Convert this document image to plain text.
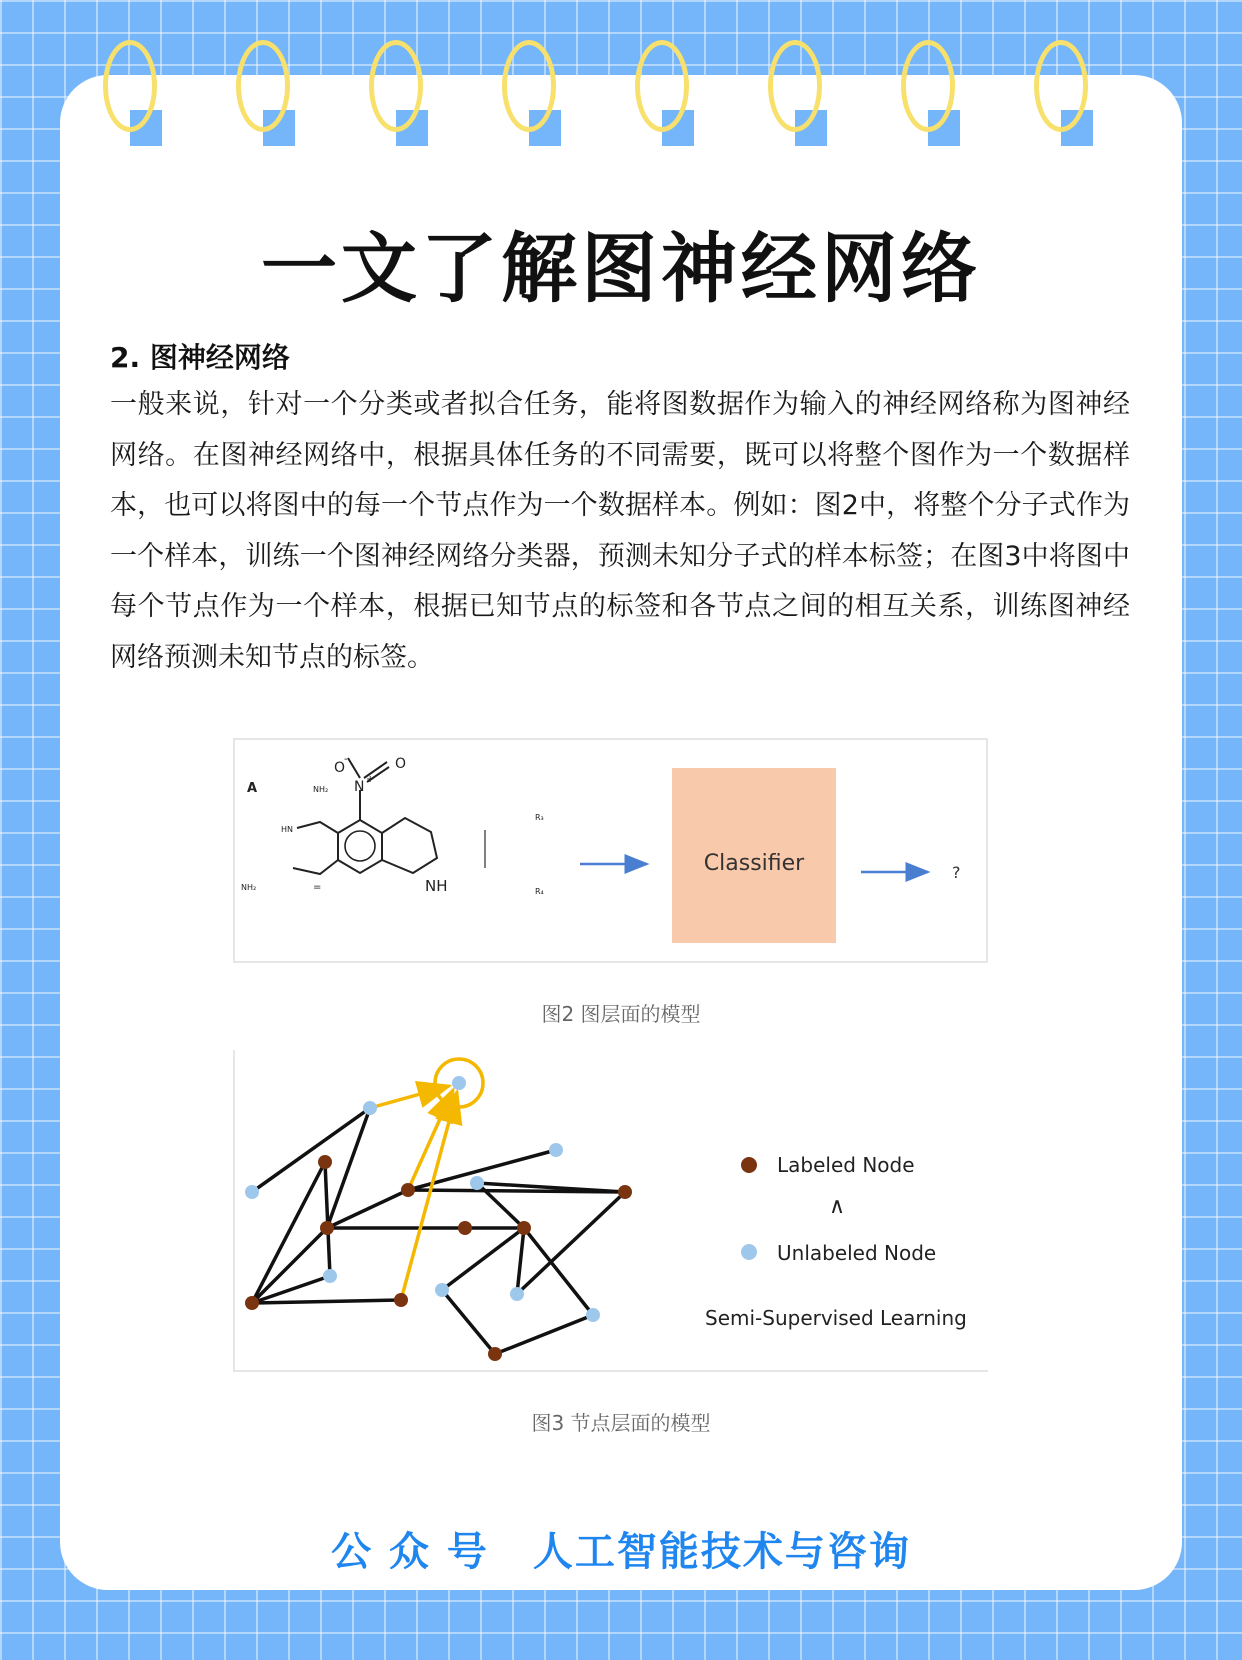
一文了解图神经网络
2. 图神经网络

一般来说，针对一个分类或者拟合任务，能将图数据作为输入的神经网络称为图神经网络。在图神经网络中，根据具体任务的不同需要，既可以将整个图作为一个数据样本，也可以将图中的每一个节点作为一个数据样本。例如：图2中，将整个分子式作为一个样本，训练一个图神经网络分类器，预测未知分子式的样本标签；在图3中将图中每个节点作为一个样本，根据已知节点的标签和各节点之间的相互关系，训练图神经网络预测未知节点的标签。

A
O
-	O
N +
NH₂
HN
NH₂	=	NH
R₃
R₄
Classifier	?
图2 图层面的模型
Labeled Node
∧
Unlabeled Node
Semi-Supervised Learning
图3 节点层面的模型
公 众 号 人工智能技术与咨询
